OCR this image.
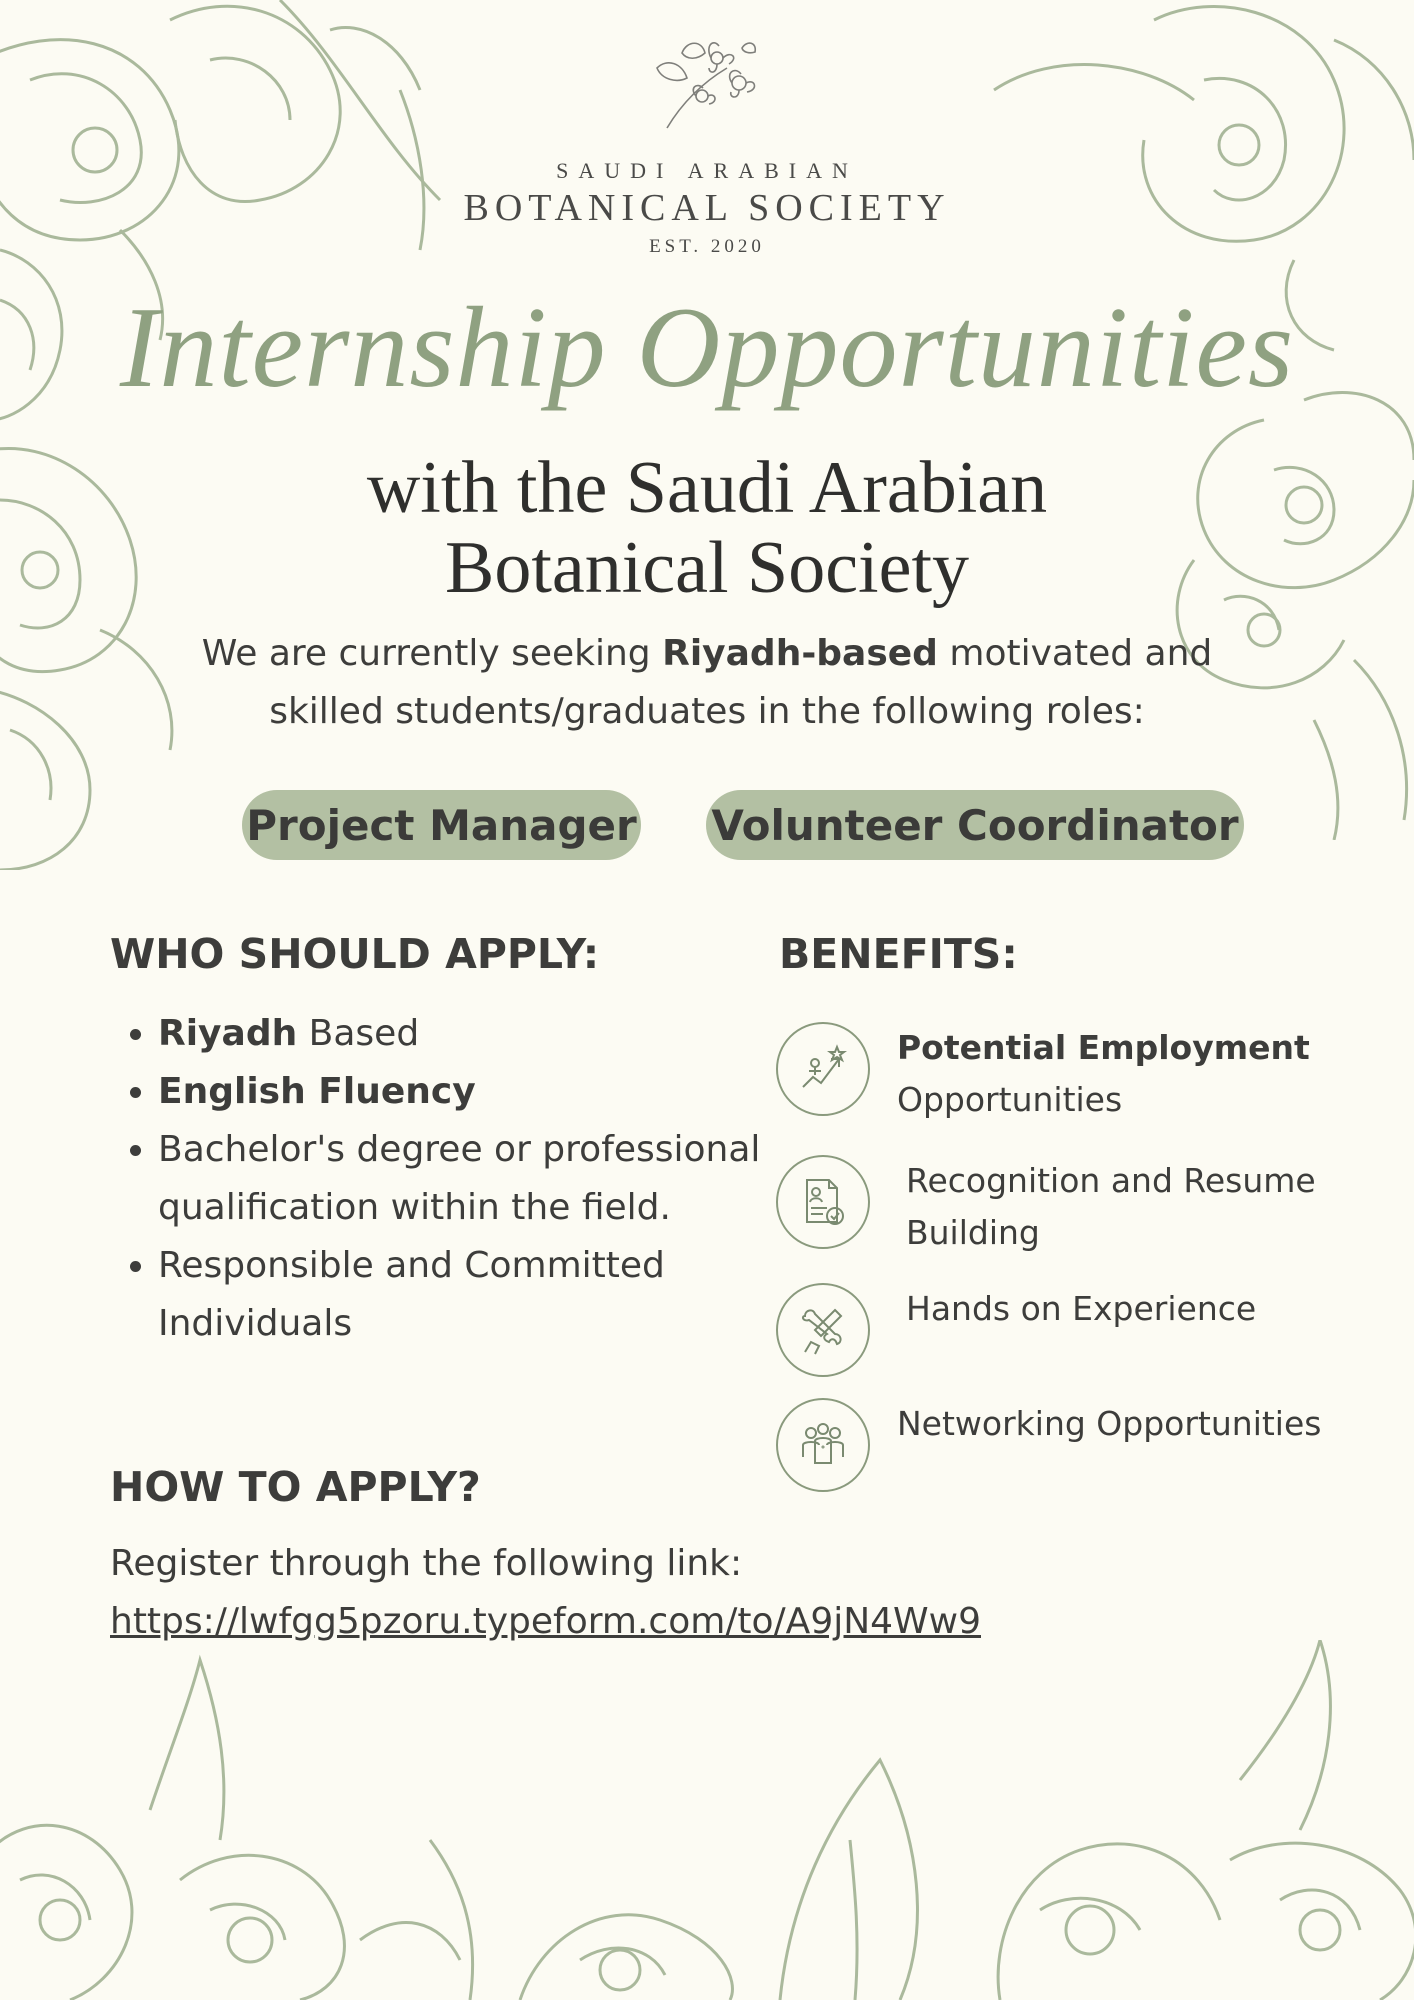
SAUDI ARABIAN
BOTANICAL SOCIETY
EST. 2020
Internship Opportunities
with the Saudi Arabian
Botanical Society
We are currently seeking Riyadh-based motivated and
skilled students/graduates in the following roles:
Project Manager Volunteer Coordinator
WHO SHOULD APPLY:
• Riyadh Based
• English Fluency
• Bachelor's degree or professional qualification within the field.
• Responsible and Committed Individuals
HOW TO APPLY?
Register through the following link:
https://lwfgg5pzoru.typeform.com/to/A9jN4Ww9
BENEFITS:
Potential Employment
Opportunities
Recognition and Resume Building
Hands on Experience
Networking Opportunities
